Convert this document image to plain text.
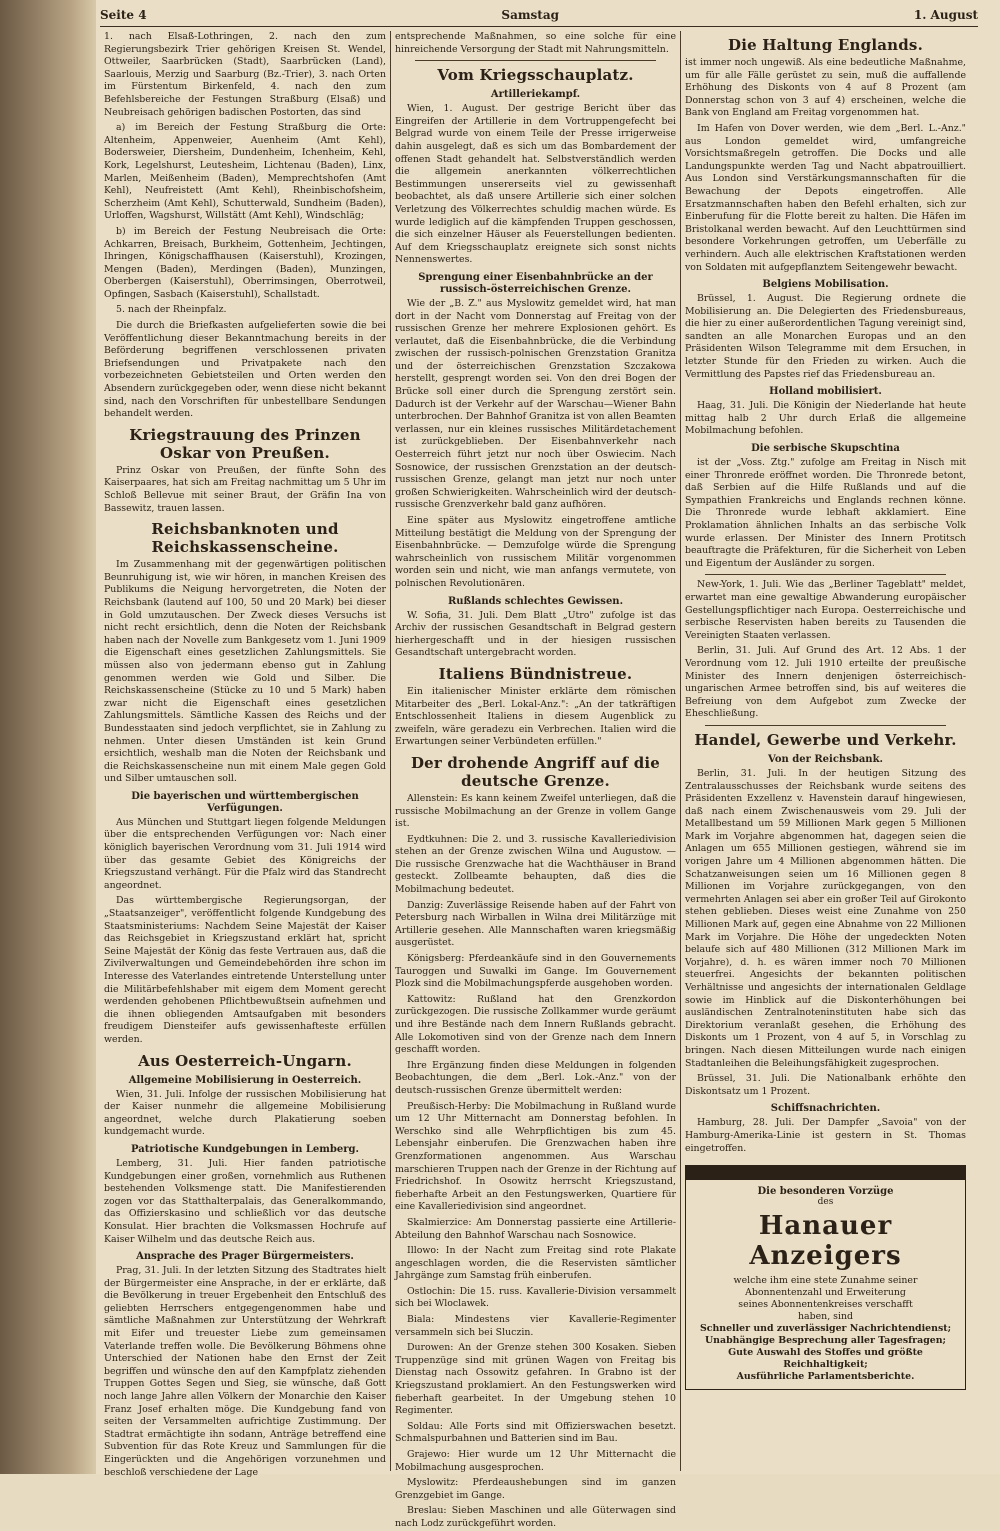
Seite 4	Samstag	1. August

1. nach Elsaß-Lothringen, 2. nach den zum Regierungsbezirk Trier gehörigen Kreisen St. Wendel, Ottweiler, Saarbrücken (Stadt), Saarbrücken (Land), Saarlouis, Merzig und Saarburg (Bz.-Trier), 3. nach Orten im Fürstentum Birkenfeld, 4. nach den zum Befehlsbereiche der Festungen Straßburg (Elsaß) und Neubreisach gehörigen badischen Postorten, das sind

a) im Bereich der Festung Straßburg die Orte: Altenheim, Appenweier, Auenheim (Amt Kehl), Bodersweier, Diersheim, Dundenheim, Ichenheim, Kehl, Kork, Legelshurst, Leutesheim, Lichtenau (Baden), Linx, Marlen, Meißenheim (Baden), Memprechtshofen (Amt Kehl), Neufreistett (Amt Kehl), Rheinbischofsheim, Scherzheim (Amt Kehl), Schutterwald, Sundheim (Baden), Urloffen, Wagshurst, Willstätt (Amt Kehl), Windschläg;

b) im Bereich der Festung Neubreisach die Orte: Achkarren, Breisach, Burkheim, Gottenheim, Jechtingen, Ihringen, Königschaffhausen (Kaiserstuhl), Krozingen, Mengen (Baden), Merdingen (Baden), Munzingen, Oberbergen (Kaiserstuhl), Oberrimsingen, Oberrotweil, Opfingen, Sasbach (Kaiserstuhl), Schallstadt.

5. nach der Rheinpfalz.

Die durch die Briefkasten aufgelieferten sowie die bei Veröffentlichung dieser Bekanntmachung bereits in der Beförderung begriffenen verschlossenen privaten Briefsendungen und Privatpakete nach den vorbezeichneten Gebietsteilen und Orten werden den Absendern zurückgegeben oder, wenn diese nicht bekannt sind, nach den Vorschriften für unbestellbare Sendungen behandelt werden.

Kriegstrauung des Prinzen Oskar von Preußen.

Prinz Oskar von Preußen, der fünfte Sohn des Kaiserpaares, hat sich am Freitag nachmittag um 5 Uhr im Schloß Bellevue mit seiner Braut, der Gräfin Ina von Bassewitz, trauen lassen.

Reichsbanknoten und Reichskassenscheine.

Im Zusammenhang mit der gegenwärtigen politischen Beunruhigung ist, wie wir hören, in manchen Kreisen des Publikums die Neigung hervorgetreten, die Noten der Reichsbank (lautend auf 100, 50 und 20 Mark) bei dieser in Gold umzutauschen. Der Zweck dieses Versuchs ist nicht recht ersichtlich, denn die Noten der Reichsbank haben nach der Novelle zum Bankgesetz vom 1. Juni 1909 die Eigenschaft eines gesetzlichen Zahlungsmittels. Sie müssen also von jedermann ebenso gut in Zahlung genommen werden wie Gold und Silber. Die Reichskassenscheine (Stücke zu 10 und 5 Mark) haben zwar nicht die Eigenschaft eines gesetzlichen Zahlungsmittels. Sämtliche Kassen des Reichs und der Bundesstaaten sind jedoch verpflichtet, sie in Zahlung zu nehmen. Unter diesen Umständen ist kein Grund ersichtlich, weshalb man die Noten der Reichsbank und die Reichskassenscheine nun mit einem Male gegen Gold und Silber umtauschen soll.

Die bayerischen und württembergischen Verfügungen.

Aus München und Stuttgart liegen folgende Meldungen über die entsprechenden Verfügungen vor: Nach einer königlich bayerischen Verordnung vom 31. Juli 1914 wird über das gesamte Gebiet des Königreichs der Kriegszustand verhängt. Für die Pfalz wird das Standrecht angeordnet.

Das württembergische Regierungsorgan, der „Staatsanzeiger", veröffentlicht folgende Kundgebung des Staatsministeriums: Nachdem Seine Majestät der Kaiser das Reichsgebiet in Kriegszustand erklärt hat, spricht Seine Majestät der König das feste Vertrauen aus, daß die Zivilverwaltungen und Gemeindebehörden ihre schon im Interesse des Vaterlandes eintretende Unterstellung unter die Militärbefehlshaber mit eigem dem Moment gerecht werdenden gehobenen Pflichtbewußtsein aufnehmen und die ihnen obliegenden Amtsaufgaben mit besonders freudigem Diensteifer aufs gewissenhafteste erfüllen werden.

Aus Oesterreich-Ungarn.
Allgemeine Mobilisierung in Oesterreich.

Wien, 31. Juli. Infolge der russischen Mobilisierung hat der Kaiser nunmehr die allgemeine Mobilisierung angeordnet, welche durch Plakatierung soeben kundgemacht wurde.

Patriotische Kundgebungen in Lemberg.

Lemberg, 31. Juli. Hier fanden patriotische Kundgebungen einer großen, vornehmlich aus Ruthenen bestehenden Volksmenge statt. Die Manifestierenden zogen vor das Statthalterpalais, das Generalkommando, das Offizierskasino und schließlich vor das deutsche Konsulat. Hier brachten die Volksmassen Hochrufe auf Kaiser Wilhelm und das deutsche Reich aus.

Ansprache des Prager Bürgermeisters.

Prag, 31. Juli. In der letzten Sitzung des Stadtrates hielt der Bürgermeister eine Ansprache, in der er erklärte, daß die Bevölkerung in treuer Ergebenheit den Entschluß des geliebten Herrschers entgegengenommen habe und sämtliche Maßnahmen zur Unterstützung der Wehrkraft mit Eifer und treuester Liebe zum gemeinsamen Vaterlande treffen wolle. Die Bevölkerung Böhmens ohne Unterschied der Nationen habe den Ernst der Zeit begriffen und wünsche den auf den Kampfplatz ziehenden Truppen Gottes Segen und Sieg, sie wünsche, daß Gott noch lange Jahre allen Völkern der Monarchie den Kaiser Franz Josef erhalten möge. Die Kundgebung fand von seiten der Versammelten aufrichtige Zustimmung. Der Stadtrat ermächtigte ihn sodann, Anträge betreffend eine Subvention für das Rote Kreuz und Sammlungen für die Eingerückten und die Angehörigen vorzunehmen und beschloß verschiedene der Lage

entsprechende Maßnahmen, so eine solche für eine hinreichende Versorgung der Stadt mit Nahrungsmitteln.

Vom Kriegsschauplatz.
Artilleriekampf.

Wien, 1. August. Der gestrige Bericht über das Eingreifen der Artillerie in dem Vortruppengefecht bei Belgrad wurde von einem Teile der Presse irrigerweise dahin ausgelegt, daß es sich um das Bombardement der offenen Stadt gehandelt hat. Selbstverständlich werden die allgemein anerkannten völkerrechtlichen Bestimmungen unsererseits viel zu gewissenhaft beobachtet, als daß unsere Artillerie sich einer solchen Verletzung des Völkerrechtes schuldig machen würde. Es wurde lediglich auf die kämpfenden Truppen geschossen, die sich einzelner Häuser als Feuerstellungen bedienten. Auf dem Kriegsschauplatz ereignete sich sonst nichts Nennenswertes.

Sprengung einer Eisenbahnbrücke an der russisch-österreichischen Grenze.

Wie der „B. Z." aus Myslowitz gemeldet wird, hat man dort in der Nacht vom Donnerstag auf Freitag von der russischen Grenze her mehrere Explosionen gehört. Es verlautet, daß die Eisenbahnbrücke, die die Verbindung zwischen der russisch-polnischen Grenzstation Granitza und der österreichischen Grenzstation Szczakowa herstellt, gesprengt worden sei. Von den drei Bogen der Brücke soll einer durch die Sprengung zerstört sein. Dadurch ist der Verkehr auf der Warschau—Wiener Bahn unterbrochen. Der Bahnhof Granitza ist von allen Beamten verlassen, nur ein kleines russisches Militärdetachement ist zurückgeblieben. Der Eisenbahnverkehr nach Oesterreich führt jetzt nur noch über Oswiecim. Nach Sosnowice, der russischen Grenzstation an der deutsch-russischen Grenze, gelangt man jetzt nur noch unter großen Schwierigkeiten. Wahrscheinlich wird der deutsch-russische Grenzverkehr bald ganz aufhören.

Eine später aus Myslowitz eingetroffene amtliche Mitteilung bestätigt die Meldung von der Sprengung der Eisenbahnbrücke. — Demzufolge würde die Sprengung wahrscheinlich von russischem Militär vorgenommen worden sein und nicht, wie man anfangs vermutete, von polnischen Revolutionären.

Rußlands schlechtes Gewissen.

W. Sofia, 31. Juli. Dem Blatt „Utro" zufolge ist das Archiv der russischen Gesandtschaft in Belgrad gestern hierhergeschafft und in der hiesigen russischen Gesandtschaft untergebracht worden.

Italiens Bündnistreue.

Ein italienischer Minister erklärte dem römischen Mitarbeiter des „Berl. Lokal-Anz.": „An der tatkräftigen Entschlossenheit Italiens in diesem Augenblick zu zweifeln, wäre geradezu ein Verbrechen. Italien wird die Erwartungen seiner Verbündeten erfüllen."

Der drohende Angriff auf die deutsche Grenze.

Allenstein: Es kann keinem Zweifel unterliegen, daß die russische Mobilmachung an der Grenze in vollem Gange ist.

Eydtkuhnen: Die 2. und 3. russische Kavalleriedivision stehen an der Grenze zwischen Wilna und Augustow. — Die russische Grenzwache hat die Wachthäuser in Brand gesteckt. Zollbeamte behaupten, daß dies die Mobilmachung bedeutet.

Danzig: Zuverlässige Reisende haben auf der Fahrt von Petersburg nach Wirballen in Wilna drei Militärzüge mit Artillerie gesehen. Alle Mannschaften waren kriegsmäßig ausgerüstet.

Königsberg: Pferdeankäufe sind in den Gouvernements Tauroggen und Suwalki im Gange. Im Gouvernement Plozk sind die Mobilmachungspferde ausgehoben worden.

Kattowitz: Rußland hat den Grenzkordon zurückgezogen. Die russische Zollkammer wurde geräumt und ihre Bestände nach dem Innern Rußlands gebracht. Alle Lokomotiven sind von der Grenze nach dem Innern geschafft worden.

Ihre Ergänzung finden diese Meldungen in folgenden Beobachtungen, die dem „Berl. Lok.-Anz." von der deutsch-russischen Grenze übermittelt werden:

Preußisch-Herby: Die Mobilmachung in Rußland wurde um 12 Uhr Mitternacht am Donnerstag befohlen. In Werschko sind alle Wehrpflichtigen bis zum 45. Lebensjahr einberufen. Die Grenzwachen haben ihre Grenzformationen angenommen. Aus Warschau marschieren Truppen nach der Grenze in der Richtung auf Friedrichshof. In Osowitz herrscht Kriegszustand, fieberhafte Arbeit an den Festungswerken, Quartiere für eine Kavalleriedivision sind angeordnet.

Skalmierzice: Am Donnerstag passierte eine Artillerie-Abteilung den Bahnhof Warschau nach Sosnowice.

Illowo: In der Nacht zum Freitag sind rote Plakate angeschlagen worden, die die Reservisten sämtlicher Jahrgänge zum Samstag früh einberufen.

Ostlochin: Die 15. russ. Kavallerie-Division versammelt sich bei Wloclawek.

Biala: Mindestens vier Kavallerie-Regimenter versammeln sich bei Sluczin.

Durowen: An der Grenze stehen 300 Kosaken. Sieben Truppenzüge sind mit grünen Wagen von Freitag bis Dienstag nach Ossowitz gefahren. In Grabno ist der Kriegszustand proklamiert. An den Festungswerken wird fieberhaft gearbeitet. In der Umgebung stehen 10 Regimenter.

Soldau: Alle Forts sind mit Offizierswachen besetzt. Schmalspurbahnen und Batterien sind im Bau.

Grajewo: Hier wurde um 12 Uhr Mitternacht die Mobilmachung ausgesprochen.

Myslowitz: Pferdeaushebungen sind im ganzen Grenzgebiet im Gange.

Breslau: Sieben Maschinen und alle Güterwagen sind nach Lodz zurückgeführt worden.

Die Haltung Englands.

ist immer noch ungewiß. Als eine bedeutliche Maßnahme, um für alle Fälle gerüstet zu sein, muß die auffallende Erhöhung des Diskonts von 4 auf 8 Prozent (am Donnerstag schon von 3 auf 4) erscheinen, welche die Bank von England am Freitag vorgenommen hat.

Im Hafen von Dover werden, wie dem „Berl. L.-Anz." aus London gemeldet wird, umfangreiche Vorsichtsmaßregeln getroffen. Die Docks und alle Landungspunkte werden Tag und Nacht abpatrouilliert. Aus London sind Verstärkungsmannschaften für die Bewachung der Depots eingetroffen. Alle Ersatzmannschaften haben den Befehl erhalten, sich zur Einberufung für die Flotte bereit zu halten. Die Häfen im Bristolkanal werden bewacht. Auf den Leuchttürmen sind besondere Vorkehrungen getroffen, um Ueberfälle zu verhindern. Auch alle elektrischen Kraftstationen werden von Soldaten mit aufgepflanztem Seitengewehr bewacht.

Belgiens Mobilisation.

Brüssel, 1. August. Die Regierung ordnete die Mobilisierung an. Die Delegierten des Friedensbureaus, die hier zu einer außerordentlichen Tagung vereinigt sind, sandten an alle Monarchen Europas und an den Präsidenten Wilson Telegramme mit dem Ersuchen, in letzter Stunde für den Frieden zu wirken. Auch die Vermittlung des Papstes rief das Friedensbureau an.

Holland mobilisiert.

Haag, 31. Juli. Die Königin der Niederlande hat heute mittag halb 2 Uhr durch Erlaß die allgemeine Mobilmachung befohlen.

Die serbische Skupschtina

ist der „Voss. Ztg." zufolge am Freitag in Nisch mit einer Thronrede eröffnet worden. Die Thronrede betont, daß Serbien auf die Hilfe Rußlands und auf die Sympathien Frankreichs und Englands rechnen könne. Die Thronrede wurde lebhaft akklamiert. Eine Proklamation ähnlichen Inhalts an das serbische Volk wurde erlassen. Der Minister des Innern Protitsch beauftragte die Präfekturen, für die Sicherheit von Leben und Eigentum der Ausländer zu sorgen.

New-York, 1. Juli. Wie das „Berliner Tageblatt" meldet, erwartet man eine gewaltige Abwanderung europäischer Gestellungspflichtiger nach Europa. Oesterreichische und serbische Reservisten haben bereits zu Tausenden die Vereinigten Staaten verlassen.

Berlin, 31. Juli. Auf Grund des Art. 12 Abs. 1 der Verordnung vom 12. Juli 1910 erteilte der preußische Minister des Innern denjenigen österreichisch-ungarischen Armee betroffen sind, bis auf weiteres die Befreiung von dem Aufgebot zum Zwecke der Eheschließung.

Handel, Gewerbe und Verkehr.
Von der Reichsbank.

Berlin, 31. Juli. In der heutigen Sitzung des Zentralausschusses der Reichsbank wurde seitens des Präsidenten Exzellenz v. Havenstein darauf hingewiesen, daß nach einem Zwischenausweis vom 29. Juli der Metallbestand um 59 Millionen Mark gegen 5 Millionen Mark im Vorjahre abgenommen hat, dagegen seien die Anlagen um 655 Millionen gestiegen, während sie im vorigen Jahre um 4 Millionen abgenommen hätten. Die Schatzanweisungen seien um 16 Millionen gegen 8 Millionen im Vorjahre zurückgegangen, von den vermehrten Anlagen sei aber ein großer Teil auf Girokonto stehen geblieben. Dieses weist eine Zunahme von 250 Millionen Mark auf, gegen eine Abnahme von 22 Millionen Mark im Vorjahre. Die Höhe der ungedeckten Noten belaufe sich auf 480 Millionen (312 Millionen Mark im Vorjahre), d. h. es wären immer noch 70 Millionen steuerfrei. Angesichts der bekannten politischen Verhältnisse und angesichts der internationalen Geldlage sowie im Hinblick auf die Diskonterhöhungen bei ausländischen Zentralnoteninstituten habe sich das Direktorium veranlaßt gesehen, die Erhöhung des Diskonts um 1 Prozent, von 4 auf 5, in Vorschlag zu bringen. Nach diesen Mitteilungen wurde nach einigen Stadtanleihen die Beleihungsfähigkeit zugesprochen.

Brüssel, 31. Juli. Die Nationalbank erhöhte den Diskontsatz um 1 Prozent.

Schiffsnachrichten.

Hamburg, 28. Juli. Der Dampfer „Savoia" von der Hamburg-Amerika-Linie ist gestern in St. Thomas eingetroffen.

Die besonderen Vorzüge
des
Hanauer Anzeigers
welche ihm eine stete Zunahme seiner
Abonnentenzahl und Erweiterung
seines Abonnentenkreises verschafft
haben, sind
Schneller und zuverlässiger Nachrichtendienst;
Unabhängige Besprechung aller Tagesfragen;
Gute Auswahl des Stoffes und größte Reichhaltigkeit;
Ausführliche Parlamentsberichte.
